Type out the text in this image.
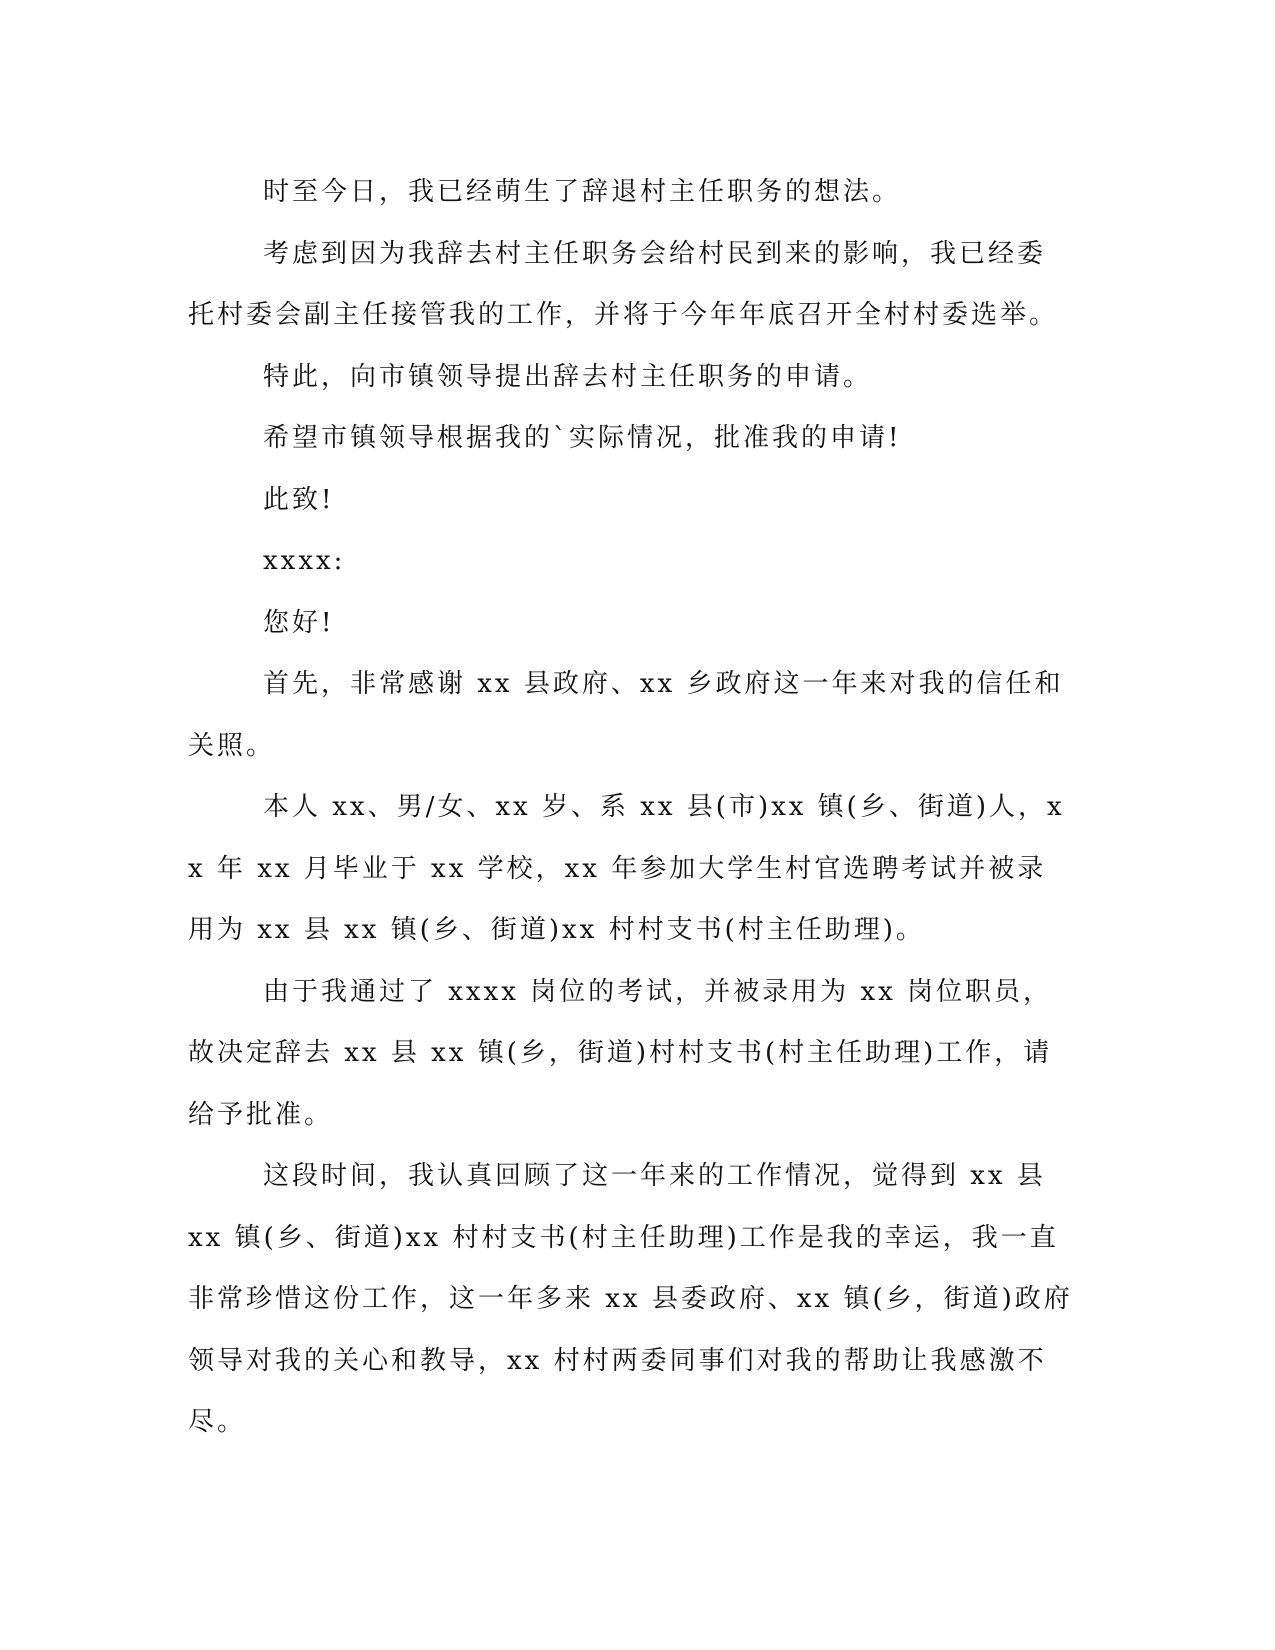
时至今日，我已经萌生了辞退村主任职务的想法。

考虑到因为我辞去村主任职务会给村民到来的影响，我已经委托村委会副主任接管我的工作，并将于今年年底召开全村村委选举。

特此，向市镇领导提出辞去村主任职务的申请。

希望市镇领导根据我的`实际情况，批准我的申请!

此致!

xxxx:

您好!

首先，非常感谢 xx 县政府、xx 乡政府这一年来对我的信任和关照。

本人 xx、男/女、xx 岁、系 xx 县(市)xx 镇(乡、街道)人，xx 年 xx 月毕业于 xx 学校，xx 年参加大学生村官选聘考试并被录用为 xx 县 xx 镇(乡、街道)xx 村村支书(村主任助理)。

由于我通过了 xxxx 岗位的考试，并被录用为 xx 岗位职员，故决定辞去 xx 县 xx 镇(乡，街道)村村支书(村主任助理)工作，请给予批准。

这段时间，我认真回顾了这一年来的工作情况，觉得到 xx 县 xx 镇(乡、街道)xx 村村支书(村主任助理)工作是我的幸运，我一直非常珍惜这份工作，这一年多来 xx 县委政府、xx 镇(乡，街道)政府领导对我的关心和教导，xx 村村两委同事们对我的帮助让我感激不尽。
